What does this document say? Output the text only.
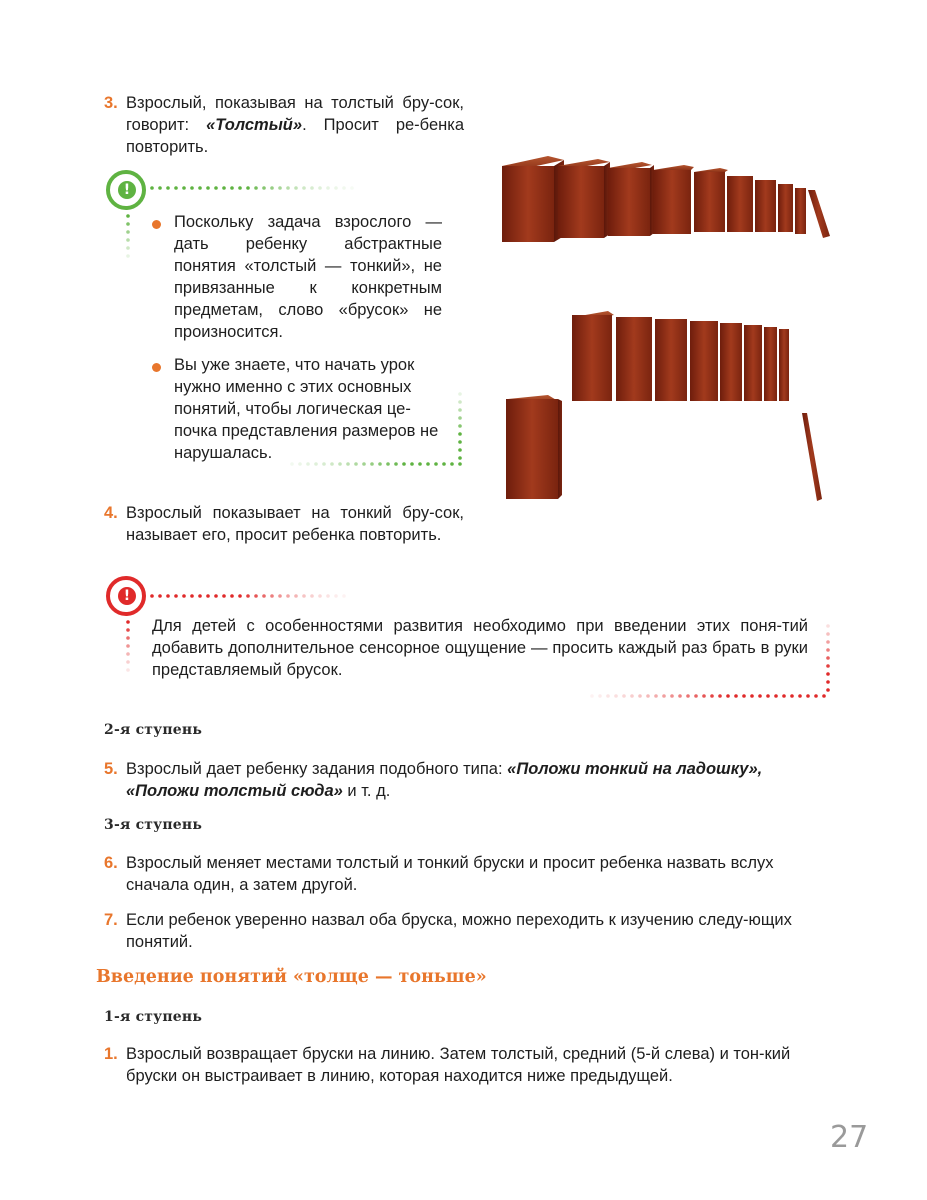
3. Взрослый, показывая на толстый бру-сок, говорит: «Толстый». Просит ре-бенка повторить.

!

Поскольку задача взрослого — дать ребенку абстрактные понятия «толстый — тонкий», не привязанные к конкретным предметам, слово «брусок» не произносится.

Вы уже знаете, что начать урок нужно именно с этих основных понятий, чтобы логическая це-почка представления размеров не нарушалась.

4. Взрослый показывает на тонкий бру-сок, называет его, просит ребенка повторить.

!

Для детей с особенностями развития необходимо при введении этих поня-тий добавить дополнительное сенсорное ощущение — просить каждый раз брать в руки представляемый брусок.

2-я ступень

5. Взрослый дает ребенку задания подобного типа: «Положи тонкий на ладошку», «Положи толстый сюда» и т. д.

3-я ступень

6. Взрослый меняет местами толстый и тонкий бруски и просит ребенка назвать вслух сначала один, а затем другой.

7. Если ребенок уверенно назвал оба бруска, можно переходить к изучению следу-ющих понятий.

Введение понятий «толще — тоньше»
1-я ступень

1. Взрослый возвращает бруски на линию. Затем толстый, средний (5-й слева) и тон-кий бруски он выстраивает в линию, которая находится ниже предыдущей.

27
